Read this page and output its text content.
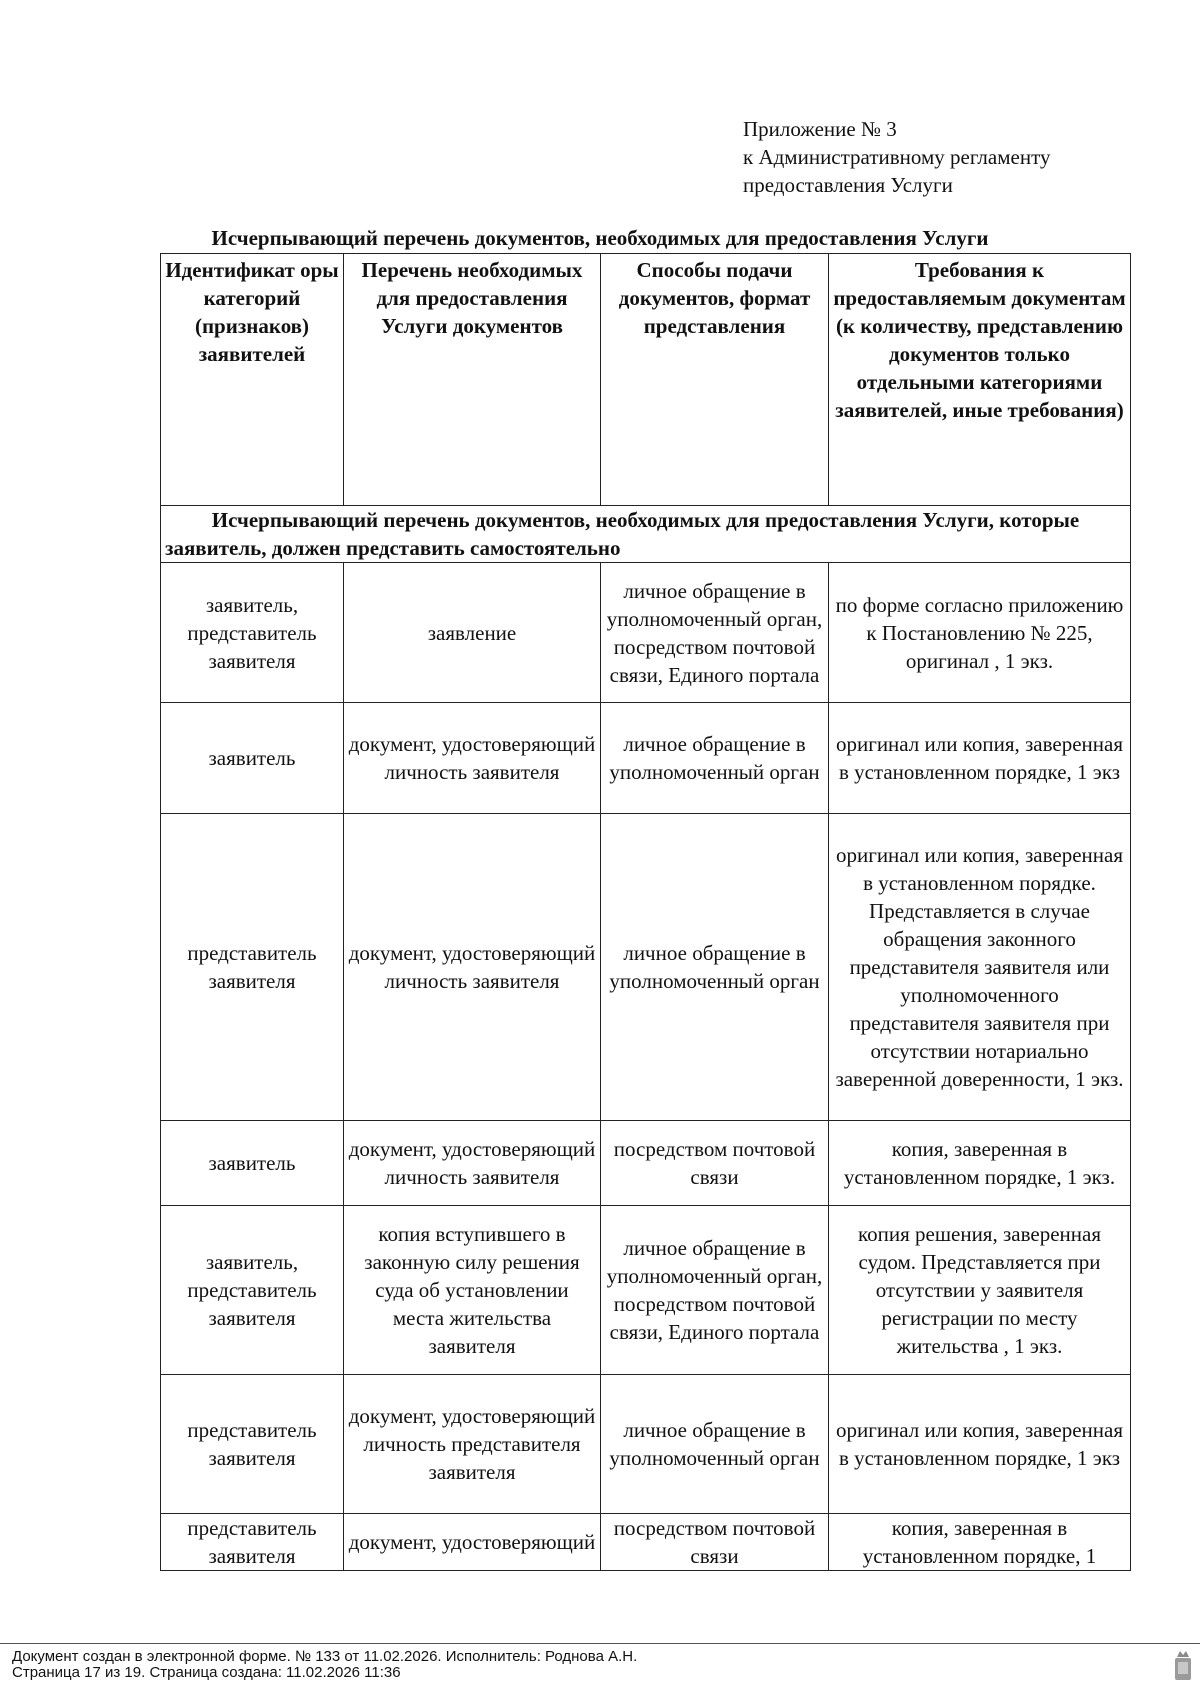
Приложение № 3
к Административному регламенту
предоставления Услуги
Исчерпывающий перечень документов, необходимых для предоставления Услуги
Идентификат оры категорий (признаков) заявителей	Перечень необходимых для предоставления Услуги документов	Способы подачи документов, формат представления	Требования к предоставляемым документам (к количеству, представлению документов только отдельными категориями заявителей, иные требования)
Исчерпывающий перечень документов, необходимых для предоставления Услуги, которые заявитель, должен представить самостоятельно			
заявитель, представитель заявителя	заявление	личное обращение в уполномоченный орган, посредством почтовой связи, Единого портала	по форме согласно приложению к Постановлению № 225, оригинал , 1 экз.
заявитель	документ, удостоверяющий личность заявителя	личное обращение в уполномоченный орган	оригинал или копия, заверенная в установленном порядке, 1 экз
представитель заявителя	документ, удостоверяющий личность заявителя	личное обращение в уполномоченный орган	оригинал или копия, заверенная в установленном порядке. Представляется в случае обращения законного представителя заявителя или уполномоченного представителя заявителя при отсутствии нотариально заверенной доверенности, 1 экз.
заявитель	документ, удостоверяющий личность заявителя	посредством почтовой связи	копия, заверенная в установленном порядке, 1 экз.
заявитель, представитель заявителя	копия вступившего в законную силу решения суда об установлении места жительства заявителя	личное обращение в уполномоченный орган, посредством почтовой связи, Единого портала	копия решения, заверенная судом. Представляется при отсутствии у заявителя регистрации по месту жительства , 1 экз.
представитель заявителя	документ, удостоверяющий личность представителя заявителя	личное обращение в уполномоченный орган	оригинал или копия, заверенная в установленном порядке, 1 экз
представитель заявителя	документ, удостоверяющий	посредством почтовой связи	копия, заверенная в установленном порядке, 1
Документ создан в электронной форме. № 133 от 11.02.2026. Исполнитель: Роднова А.Н.
Страница 17 из 19. Страница создана: 11.02.2026 11:36
